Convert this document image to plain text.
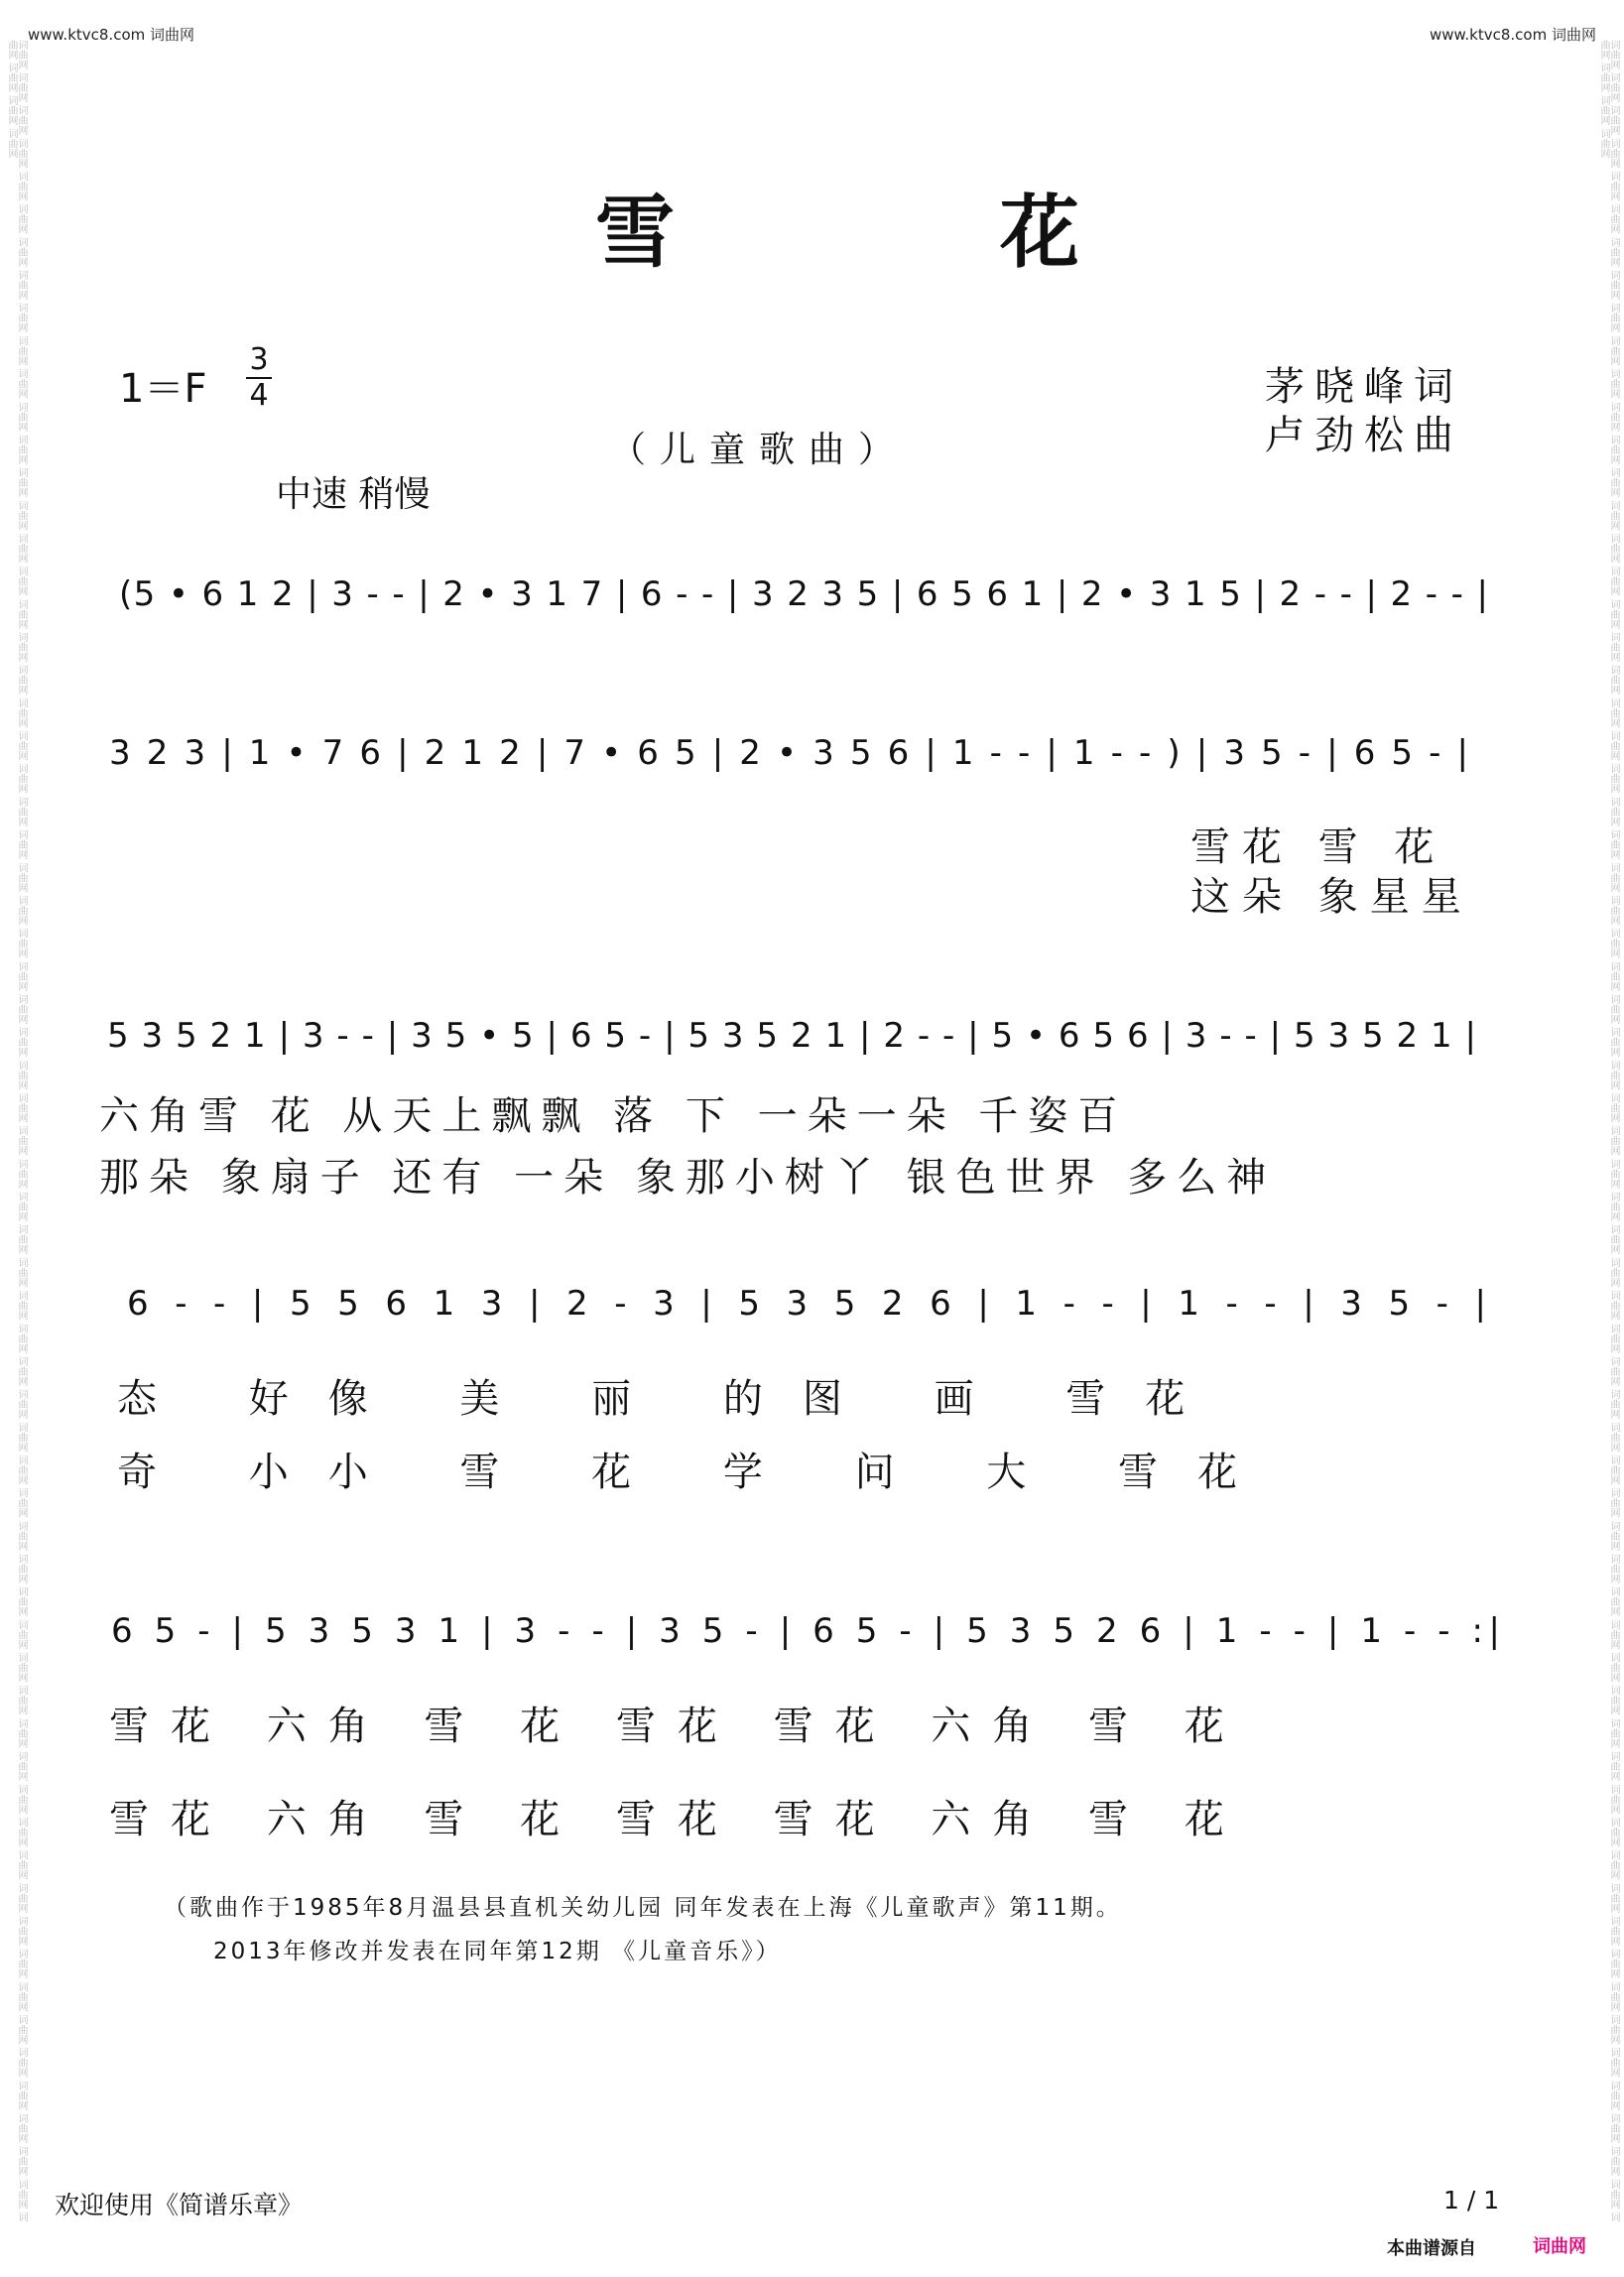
www.ktvc8.com 词曲网	www.ktvc8.com 词曲网
词曲网 词曲网 词曲网 词曲网 词曲网 词曲网 词曲网 词曲网 词曲网 词曲网 词曲网 词曲网 词曲网 词曲网 词曲网 词曲网 词曲网 词曲网 词曲网 词曲网 词曲网 词曲网 词曲网 词曲网 词曲网 词曲网 词曲网 词曲网 词曲网 词曲网 词曲网 词曲网 词曲网 词曲网 词曲网 词曲网 词曲网 词曲网 词曲网 词曲网 词曲网 词曲网 词曲网 词曲网 词曲网 词曲网 词曲网 词曲网 词曲网 词曲网 词曲网 词曲网 词曲网 词曲网 词曲网 词曲网 词曲网 词曲网 词曲网 词曲网 词曲网 词曲网 词曲网 词曲网 词曲网 词曲网 词曲网 词曲网 词曲网 词曲网	词曲网 词曲网 词曲网 词曲网 词曲网 词曲网 词曲网 词曲网 词曲网 词曲网 词曲网 词曲网 词曲网 词曲网 词曲网 词曲网 词曲网 词曲网 词曲网 词曲网 词曲网 词曲网 词曲网 词曲网 词曲网 词曲网 词曲网 词曲网 词曲网 词曲网 词曲网 词曲网 词曲网 词曲网 词曲网 词曲网 词曲网 词曲网 词曲网 词曲网 词曲网 词曲网 词曲网 词曲网 词曲网 词曲网 词曲网 词曲网 词曲网 词曲网 词曲网 词曲网 词曲网 词曲网 词曲网 词曲网 词曲网 词曲网 词曲网 词曲网 词曲网 词曲网 词曲网 词曲网 词曲网 词曲网 词曲网 词曲网 词曲网 词曲网
雪 花
1＝F
3
4	茅晓峰词
卢劲松曲
（儿童歌曲）
中速 稍慢
(5 • 6 1 2 | 3 - - | 2 • 3 1 7 | 6 - - | 3 2 3 5 | 6 5 6 1 | 2 • 3 1 5 | 2 - - | 2 - - |
3 2 3 | 1 • 7 6 | 2 1 2 | 7 • 6 5 | 2 • 3 5 6 | 1 - - | 1 - - ) | 3 5 - | 6 5 - |
雪花 雪 花
这朵 象星星
5 3 5 2 1 | 3 - - | 3 5 • 5 | 6 5 - | 5 3 5 2 1 | 2 - - | 5 • 6 5 6 | 3 - - | 5 3 5 2 1 |
六角雪 花 从天上飘飘 落 下 一朵一朵 千姿百
那朵 象扇子 还有 一朵 象那小树丫 银色世界 多么神
6 - - | 5 5 6 1 3 | 2 - 3 | 5 3 5 2 6 | 1 - - | 1 - - | 3 5 - |
态 好像 美 丽 的图 画 雪花
奇 小小 雪 花 学 问 大 雪花
6 5 - | 5 3 5 3 1 | 3 - - | 3 5 - | 6 5 - | 5 3 5 2 6 | 1 - - | 1 - - :|
雪花 六角 雪 花 雪花 雪花 六角 雪 花
雪花 六角 雪 花 雪花 雪花 六角 雪 花
（歌曲作于1985年8月温县县直机关幼儿园 同年发表在上海《儿童歌声》第11期。
2013年修改并发表在同年第12期 《儿童音乐》）
欢迎使用《简谱乐章》	1 / 1
本曲谱源自	词曲网
